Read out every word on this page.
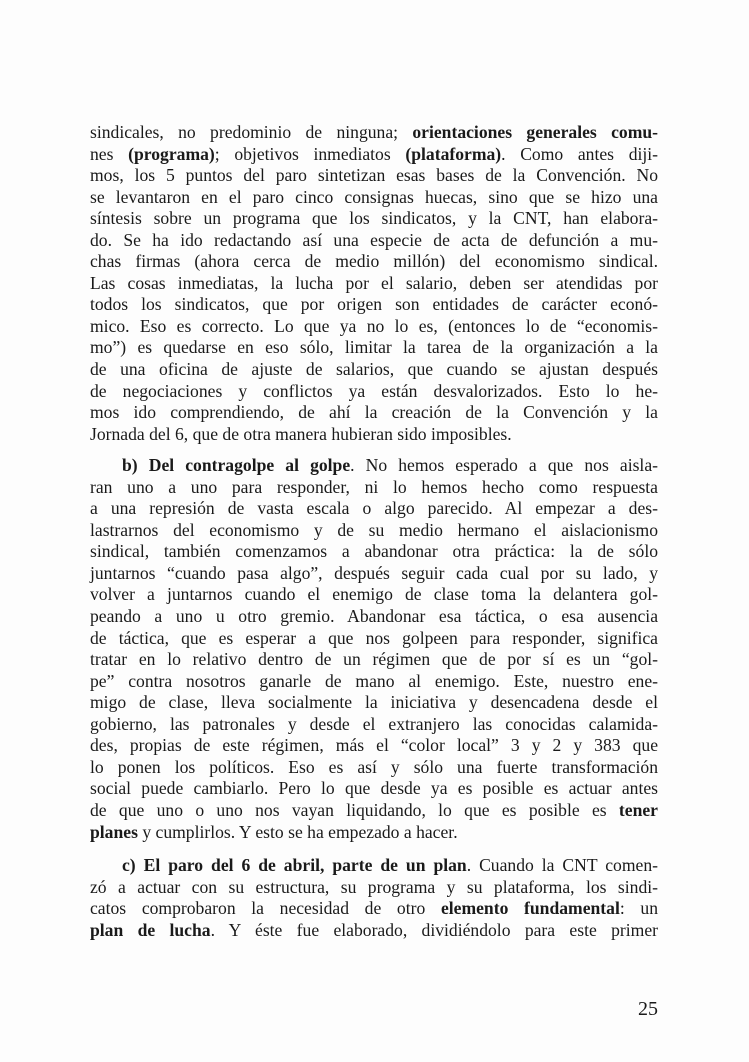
sindicales, no predominio de ninguna; orientaciones generales comu-
nes (programa); objetivos inmediatos (plataforma). Como antes diji-
mos, los 5 puntos del paro sintetizan esas bases de la Convención. No
se levantaron en el paro cinco consignas huecas, sino que se hizo una
síntesis sobre un programa que los sindicatos, y la CNT, han elabora-
do. Se ha ido redactando así una especie de acta de defunción a mu-
chas firmas (ahora cerca de medio millón) del economismo sindical.
Las cosas inmediatas, la lucha por el salario, deben ser atendidas por
todos los sindicatos, que por origen son entidades de carácter econó-
mico. Eso es correcto. Lo que ya no lo es, (entonces lo de “economis-
mo”) es quedarse en eso sólo, limitar la tarea de la organización a la
de una oficina de ajuste de salarios, que cuando se ajustan después
de negociaciones y conflictos ya están desvalorizados. Esto lo he-
mos ido comprendiendo, de ahí la creación de la Convención y la
Jornada del 6, que de otra manera hubieran sido imposibles.

b) Del contragolpe al golpe. No hemos esperado a que nos aisla-
ran uno a uno para responder, ni lo hemos hecho como respuesta
a una represión de vasta escala o algo parecido. Al empezar a des-
lastrarnos del economismo y de su medio hermano el aislacionismo
sindical, también comenzamos a abandonar otra práctica: la de sólo
juntarnos “cuando pasa algo”, después seguir cada cual por su lado, y
volver a juntarnos cuando el enemigo de clase toma la delantera gol-
peando a uno u otro gremio. Abandonar esa táctica, o esa ausencia
de táctica, que es esperar a que nos golpeen para responder, significa
tratar en lo relativo dentro de un régimen que de por sí es un “gol-
pe” contra nosotros ganarle de mano al enemigo. Este, nuestro ene-
migo de clase, lleva socialmente la iniciativa y desencadena desde el
gobierno, las patronales y desde el extranjero las conocidas calamida-
des, propias de este régimen, más el “color local” 3 y 2 y 383 que
lo ponen los políticos. Eso es así y sólo una fuerte transformación
social puede cambiarlo. Pero lo que desde ya es posible es actuar antes
de que uno o uno nos vayan liquidando, lo que es posible es tener
planes y cumplirlos. Y esto se ha empezado a hacer.

c) El paro del 6 de abril, parte de un plan. Cuando la CNT comen-
zó a actuar con su estructura, su programa y su plataforma, los sindi-
catos comprobaron la necesidad de otro elemento fundamental: un
plan de lucha. Y éste fue elaborado, dividiéndolo para este primer

25
